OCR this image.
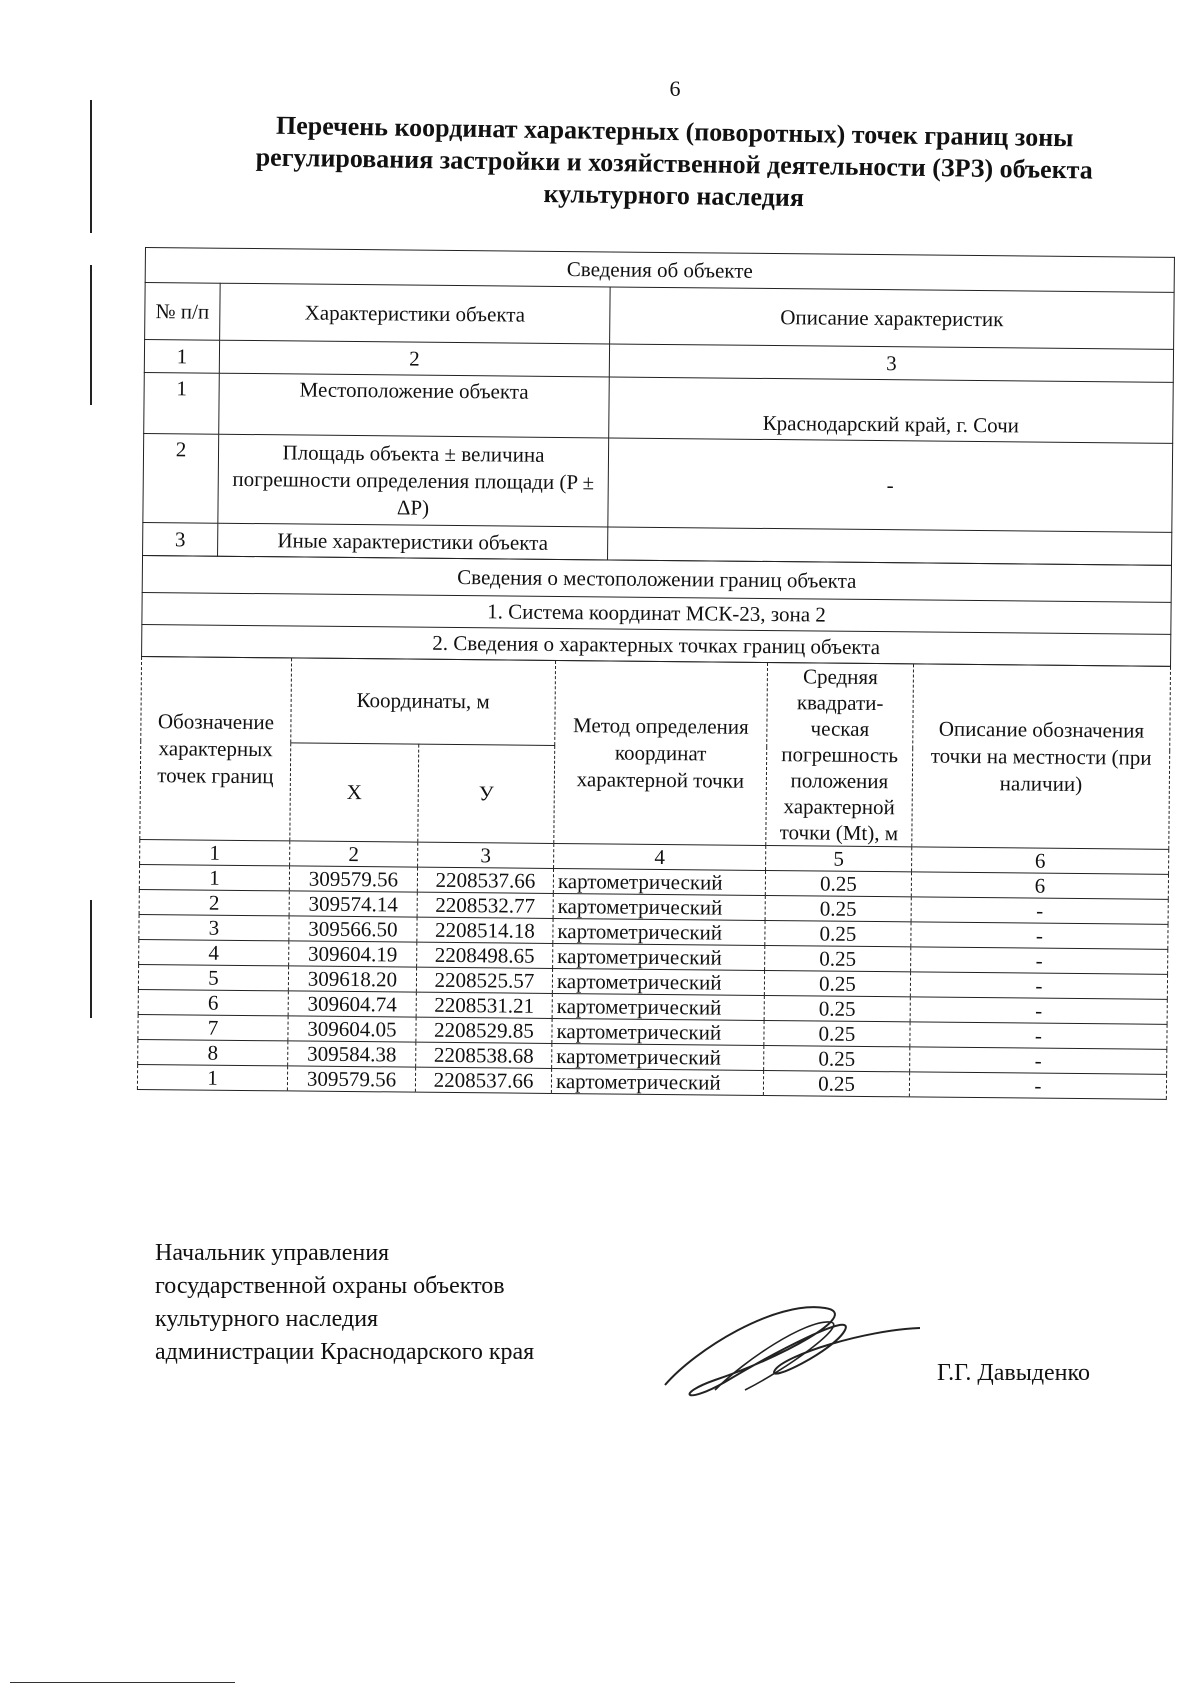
6
Перечень координат характерных (поворотных) точек границ зоны
регулирования застройки и хозяйственной деятельности (ЗРЗ) объекта
культурного наследия
Сведения об объекте		
№ п/п	Характеристики объекта	Описание характеристик
1	2	3
1	Местоположение объекта	Краснодарский край, г. Сочи
2	Площадь объекта ± величина погрешности определения площади (P ± ΔP)	-
3	Иные характеристики объекта	
Сведения о местоположении границ объекта
1. Система координат МСК-23, зона 2
2. Сведения о характерных точках границ объекта
Обозначение характерных точек границ	Координаты, м		Метод определения координат характерной точки	Средняя квадрати-ческая погрешность положения характерной точки (Mt), м	Описание обозначения точки на местности (при наличии)
	X	У			
1	2	3	4	5	6
1	309579.56	2208537.66	картометрический	0.25	6
2	309574.14	2208532.77	картометрический	0.25	-
3	309566.50	2208514.18	картометрический	0.25	-
4	309604.19	2208498.65	картометрический	0.25	-
5	309618.20	2208525.57	картометрический	0.25	-
6	309604.74	2208531.21	картометрический	0.25	-
7	309604.05	2208529.85	картометрический	0.25	-
8	309584.38	2208538.68	картометрический	0.25	-
1	309579.56	2208537.66	картометрический	0.25	-
Начальник управления
государственной охраны объектов
культурного наследия
администрации Краснодарского края
Г.Г. Давыденко
